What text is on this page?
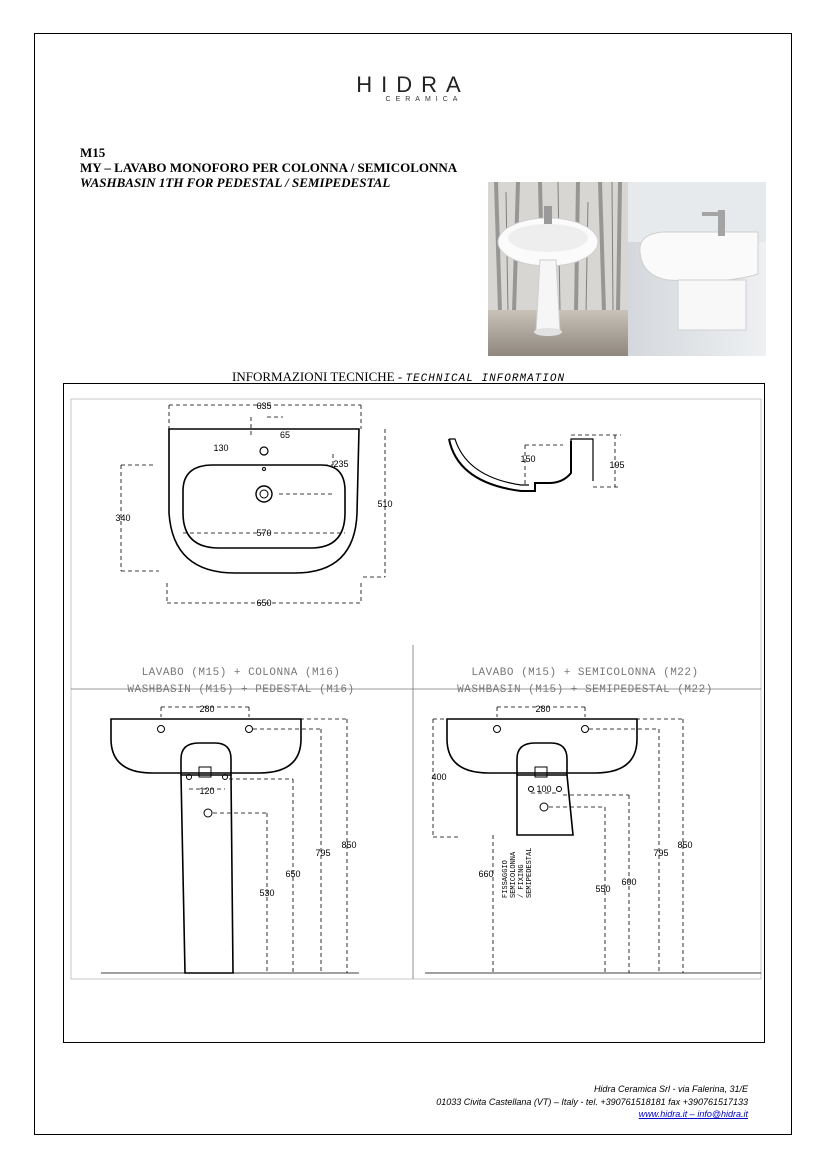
HIDRA
CERAMICA
M15
MY – LAVABO MONOFORO PER COLONNA / SEMICOLONNA
WASHBASIN 1TH FOR PEDESTAL / SEMIPEDESTAL
INFORMAZIONI TECNICHE - TECHNICAL INFORMATION
635
65
130
235
340
510
570
650
150
195
LAVABO (M15) + COLONNA (M16)
WASHBASIN (M15) + PEDESTAL (M16)
280
120
850
795
650
530
LAVABO (M15) + SEMICOLONNA (M22)
WASHBASIN (M15) + SEMIPEDESTAL (M22)
280
100
400
660
550
600
795
850
FISSAGGIO SEMICOLONNA / FIXING SEMIPEDESTAL
Hidra Ceramica Srl - via Falerina, 31/E
01033 Civita Castellana (VT) – Italy - tel. +390761518181 fax +390761517133
www.hidra.it – info@hidra.it
